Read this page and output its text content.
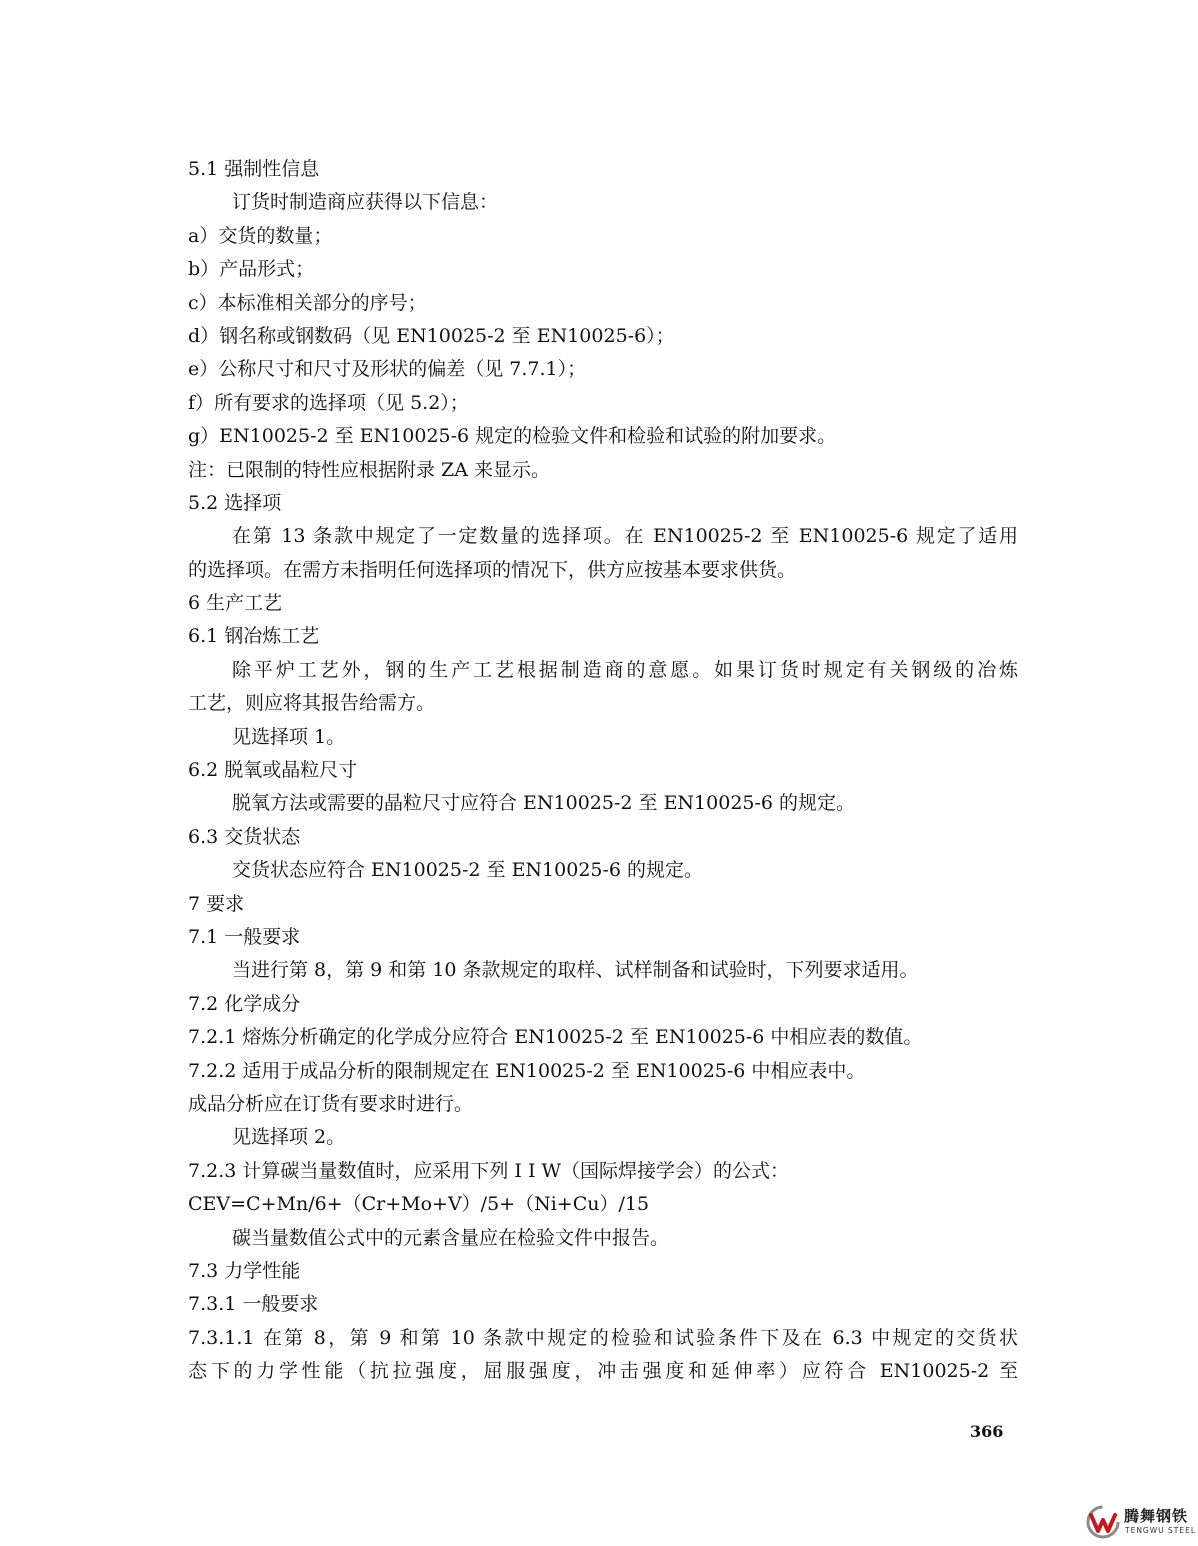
5.1 强制性信息
订货时制造商应获得以下信息：
a）交货的数量；
b）产品形式；
c）本标准相关部分的序号；
d）钢名称或钢数码（见 EN10025-2 至 EN10025-6）；
e）公称尺寸和尺寸及形状的偏差（见 7.7.1）；
f）所有要求的选择项（见 5.2）；
g）EN10025-2 至 EN10025-6 规定的检验文件和检验和试验的附加要求。
注：已限制的特性应根据附录 ZA 来显示。
5.2 选择项
在第 13 条款中规定了一定数量的选择项。在 EN10025-2 至 EN10025-6 规定了适用
的选择项。在需方未指明任何选择项的情况下，供方应按基本要求供货。
6 生产工艺
6.1 钢冶炼工艺
除平炉工艺外，钢的生产工艺根据制造商的意愿。如果订货时规定有关钢级的冶炼
工艺，则应将其报告给需方。
见选择项 1。
6.2 脱氧或晶粒尺寸
脱氧方法或需要的晶粒尺寸应符合 EN10025-2 至 EN10025-6 的规定。
6.3 交货状态
交货状态应符合 EN10025-2 至 EN10025-6 的规定。
7 要求
7.1 一般要求
当进行第 8，第 9 和第 10 条款规定的取样、试样制备和试验时，下列要求适用。
7.2 化学成分
7.2.1 熔炼分析确定的化学成分应符合 EN10025-2 至 EN10025-6 中相应表的数值。
7.2.2 适用于成品分析的限制规定在 EN10025-2 至 EN10025-6 中相应表中。
成品分析应在订货有要求时进行。
见选择项 2。
7.2.3 计算碳当量数值时，应采用下列 I I W（国际焊接学会）的公式：
CEV=C+Mn/6+（Cr+Mo+V）/5+（Ni+Cu）/15
碳当量数值公式中的元素含量应在检验文件中报告。
7.3 力学性能
7.3.1 一般要求
7.3.1.1 在第 8，第 9 和第 10 条款中规定的检验和试验条件下及在 6.3 中规定的交货状
态下的力学性能（抗拉强度，屈服强度，冲击强度和延伸率）应符合 EN10025-2 至
366
腾舞钢铁
TENGWU STEEL
